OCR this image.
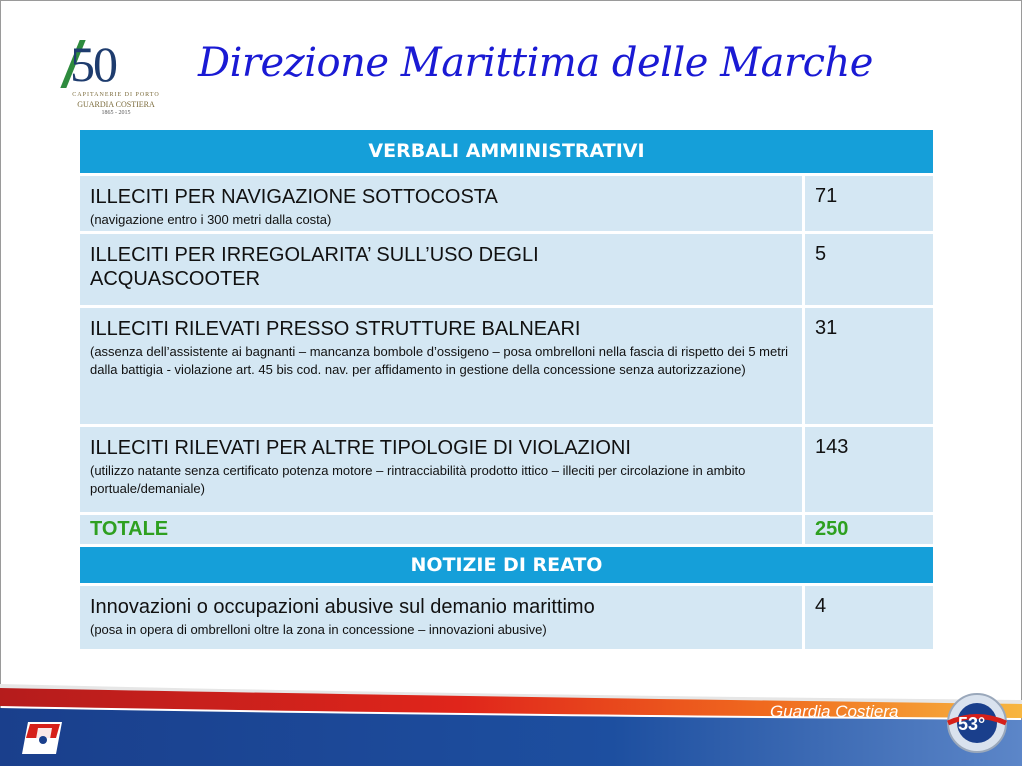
50
CAPITANERIE DI PORTO
GUARDIA COSTIERA
1865 - 2015
Direzione Marittima delle Marche
VERBALI AMMINISTRATIVI	

ILLECITI PER NAVIGAZIONE SOTTOCOSTA
(navigazione entro i 300 metri dalla costa)	71

ILLECITI PER IRREGOLARITA’ SULL’USO DEGLI ACQUASCOOTER	5

ILLECITI RILEVATI PRESSO STRUTTURE BALNEARI
(assenza dell’assistente ai bagnanti – mancanza bombole d’ossigeno – posa ombrelloni nella fascia di rispetto dei 5 metri dalla battigia - violazione art. 45 bis cod. nav. per affidamento in gestione della concessione senza autorizzazione)	31

ILLECITI RILEVATI PER ALTRE TIPOLOGIE DI VIOLAZIONI
(utilizzo natante senza certificato potenza motore – rintracciabilità prodotto ittico – illeciti per circolazione in ambito portuale/demaniale)	143
TOTALE	250
NOTIZIE DI REATO	

Innovazioni o occupazioni abusive sul demanio marittimo
(posa in opera di ombrelloni oltre la zona in concessione – innovazioni abusive)	4
Guardia Costiera
53°
